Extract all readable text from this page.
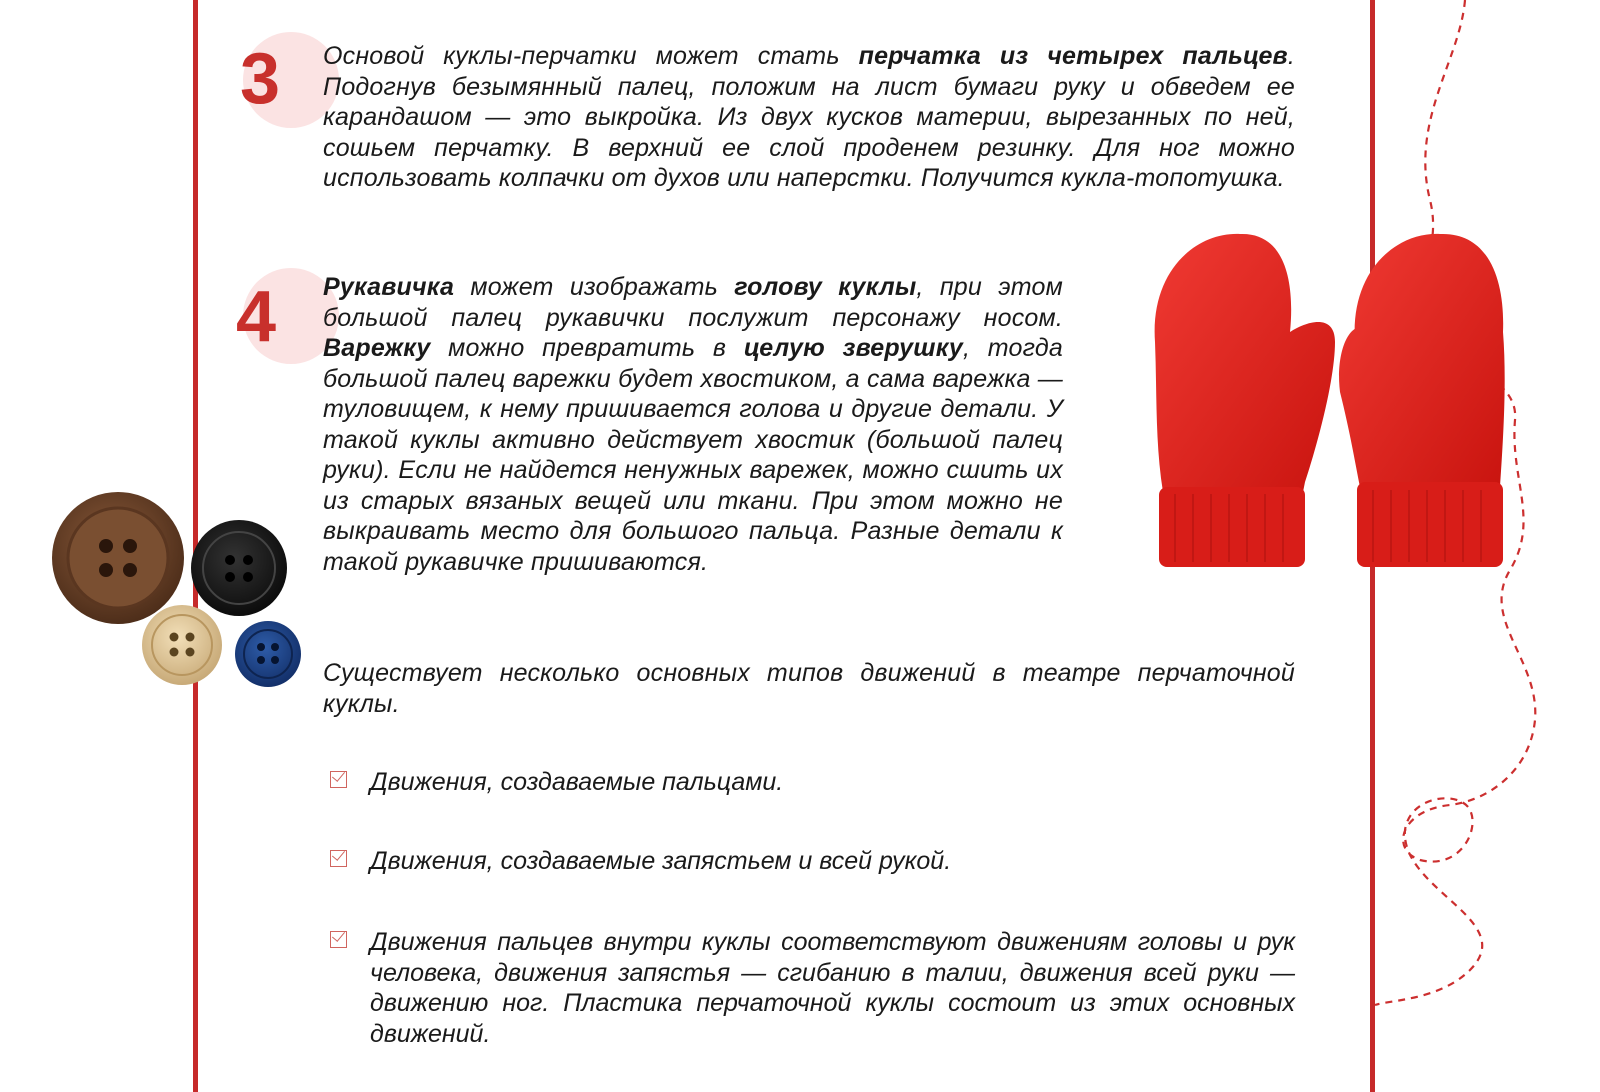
3 Основой куклы-перчатки может стать перчатка из четырех пальцев. Подогнув безымянный палец, положим на лист бумаги руку и обведем ее карандашом — это выкройка. Из двух кусков материи, вырезанных по ней, сошьем перчатку. В верхний ее слой проденем резинку. Для ног можно использовать колпачки от духов или наперстки. Получится кукла-топотушка.
4 Рукавичка может изображать голову куклы, при этом большой палец рукавички послужит персонажу носом. Варежку можно превратить в целую зверушку, тогда большой палец варежки будет хвостиком, а сама варежка — туловищем, к нему пришивается голова и другие детали. У такой куклы активно действует хвостик (большой палец руки). Если не найдется ненужных варежек, можно сшить их из старых вязаных вещей или ткани. При этом можно не выкраивать место для большого пальца. Разные детали к такой рукавичке пришиваются.
Существует несколько основных типов движений в театре перчаточной куклы.
Движения, создаваемые пальцами.
Движения, создаваемые запястьем и всей рукой.
Движения пальцев внутри куклы соответствуют движениям головы и рук человека, движения запястья — сгибанию в талии, движения всей руки — движению ног. Пластика перчаточной куклы состоит из этих основных движений.
